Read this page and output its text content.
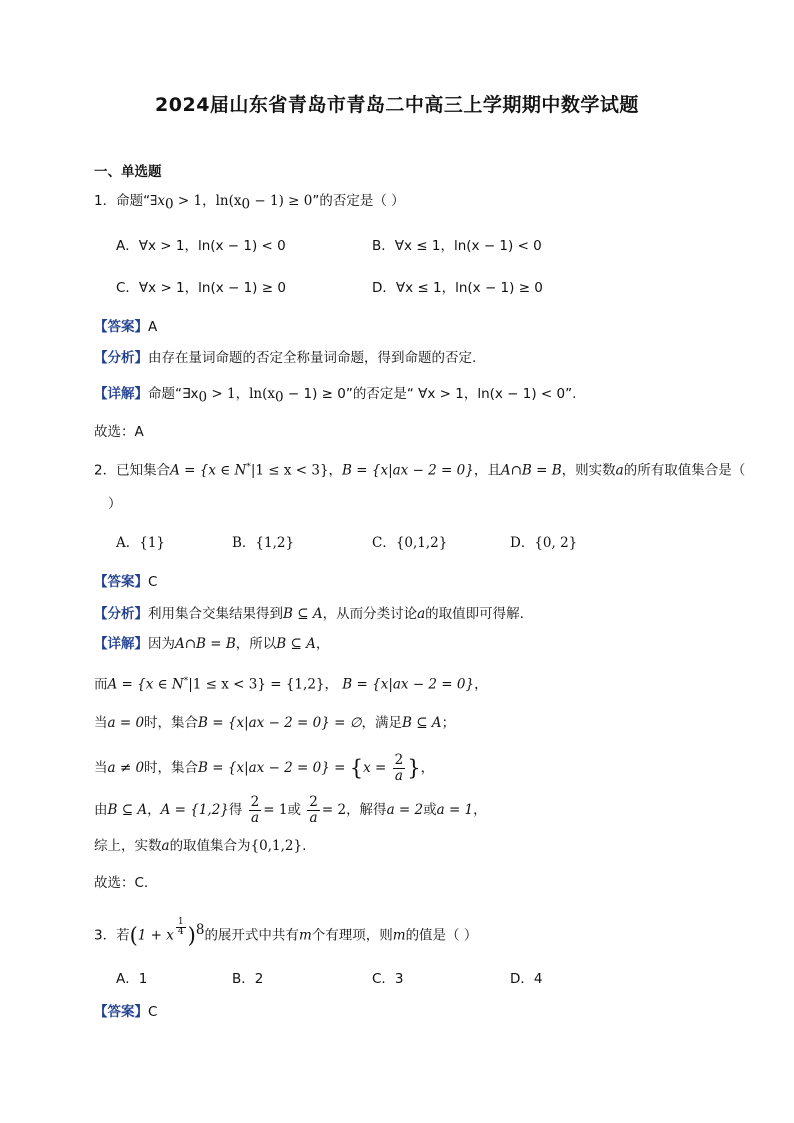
2024届山东省青岛市青岛二中高三上学期期中数学试题
一、单选题
1．命题“$\exists x_0 > 1$，$\ln(x_0 - 1) \ge 0$”的否定是（ ）
A．∀x > 1，ln(x − 1) < 0	B．∀x ≤ 1，ln(x − 1) < 0
C．∀x > 1，ln(x − 1) ≥ 0	D．∀x ≤ 1，ln(x − 1) ≥ 0
【答案】A
【分析】由存在量词命题的否定全称量词命题，得到命题的否定.
【详解】命题“$\exists x_0 > 1$，$\ln(x_0 - 1) \ge 0$”的否定是“ ∀x > 1，ln(x − 1) < 0”.
故选：A
2．已知集合A = {x ∈ N*|1 ≤ x < 3}，B = {x|ax − 2 = 0}，且A∩B = B，则实数a的所有取值集合是（
）
A．{1}	B．{1,2}	C．{0,1,2}	D．{0, 2}
【答案】C
【分析】利用集合交集结果得到B ⊆ A，从而分类讨论a的取值即可得解.
【详解】因为A∩B = B，所以B ⊆ A，
而A = {x ∈ N*|1 ≤ x < 3} = {1,2}， B = {x|ax − 2 = 0}，
当a = 0时，集合B = {x|ax − 2 = 0} = ∅，满足B ⊆ A；
当a ≠ 0时，集合$B = \{x|ax - 2 = 0\} = \{x = \frac{2}{a}$ }，
由B ⊆ A，A = {1,2}得 $\frac{2}{a} = 1$或 $\frac{2}{a} = 2$，解得a = 2或a = 1，
综上，实数a的取值集合为{0,1,2}.
故选：C.
3．若(1 + x $^{\frac{1}{4}}$ )$^8$的展开式中共有m个有理项，则m的值是（ ）
A．1	B．2	C．3	D．4
【答案】C
